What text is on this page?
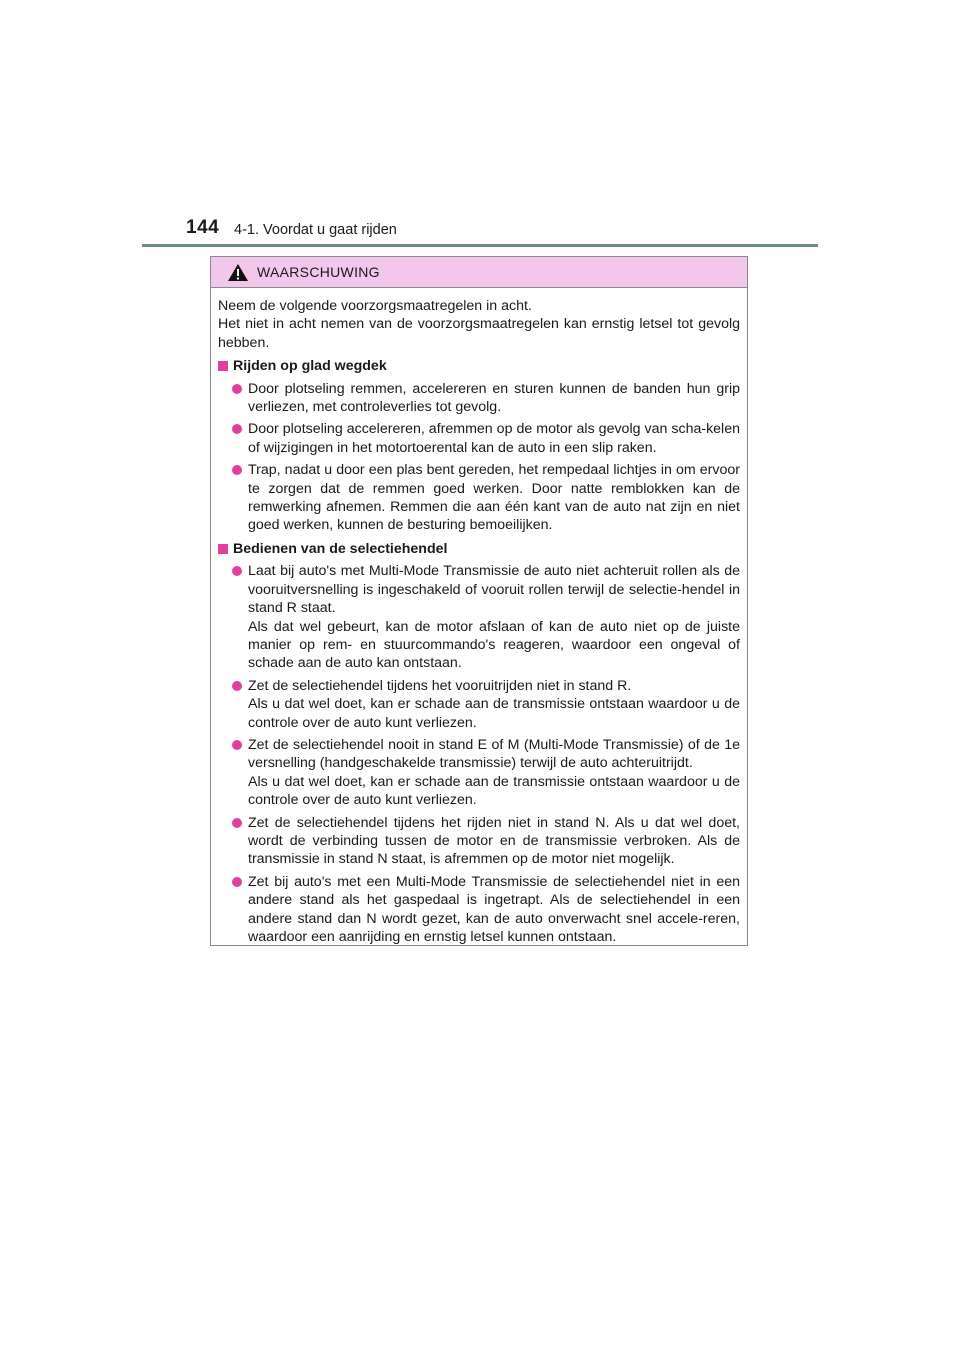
144 4-1. Voordat u gaat rijden
WAARSCHUWING

Neem de volgende voorzorgsmaatregelen in acht.

Het niet in acht nemen van de voorzorgsmaatregelen kan ernstig letsel tot gevolg hebben.

Rijden op glad wegdek
Door plotseling remmen, accelereren en sturen kunnen de banden hun grip verliezen, met controleverlies tot gevolg.
Door plotseling accelereren, afremmen op de motor als gevolg van scha-kelen of wijzigingen in het motortoerental kan de auto in een slip raken.
Trap, nadat u door een plas bent gereden, het rempedaal lichtjes in om ervoor te zorgen dat de remmen goed werken. Door natte remblokken kan de remwerking afnemen. Remmen die aan één kant van de auto nat zijn en niet goed werken, kunnen de besturing bemoeilijken.
Bedienen van de selectiehendel
Laat bij auto's met Multi-Mode Transmissie de auto niet achteruit rollen als de vooruitversnelling is ingeschakeld of vooruit rollen terwijl de selectie-hendel in stand R staat.
Als dat wel gebeurt, kan de motor afslaan of kan de auto niet op de juiste manier op rem- en stuurcommando's reageren, waardoor een ongeval of schade aan de auto kan ontstaan.
Zet de selectiehendel tijdens het vooruitrijden niet in stand R.
Als u dat wel doet, kan er schade aan de transmissie ontstaan waardoor u de controle over de auto kunt verliezen.
Zet de selectiehendel nooit in stand E of M (Multi-Mode Transmissie) of de 1e versnelling (handgeschakelde transmissie) terwijl de auto achteruitrijdt.
Als u dat wel doet, kan er schade aan de transmissie ontstaan waardoor u de controle over de auto kunt verliezen.
Zet de selectiehendel tijdens het rijden niet in stand N. Als u dat wel doet, wordt de verbinding tussen de motor en de transmissie verbroken. Als de transmissie in stand N staat, is afremmen op de motor niet mogelijk.
Zet bij auto's met een Multi-Mode Transmissie de selectiehendel niet in een andere stand als het gaspedaal is ingetrapt. Als de selectiehendel in een andere stand dan N wordt gezet, kan de auto onverwacht snel accele-reren, waardoor een aanrijding en ernstig letsel kunnen ontstaan.
